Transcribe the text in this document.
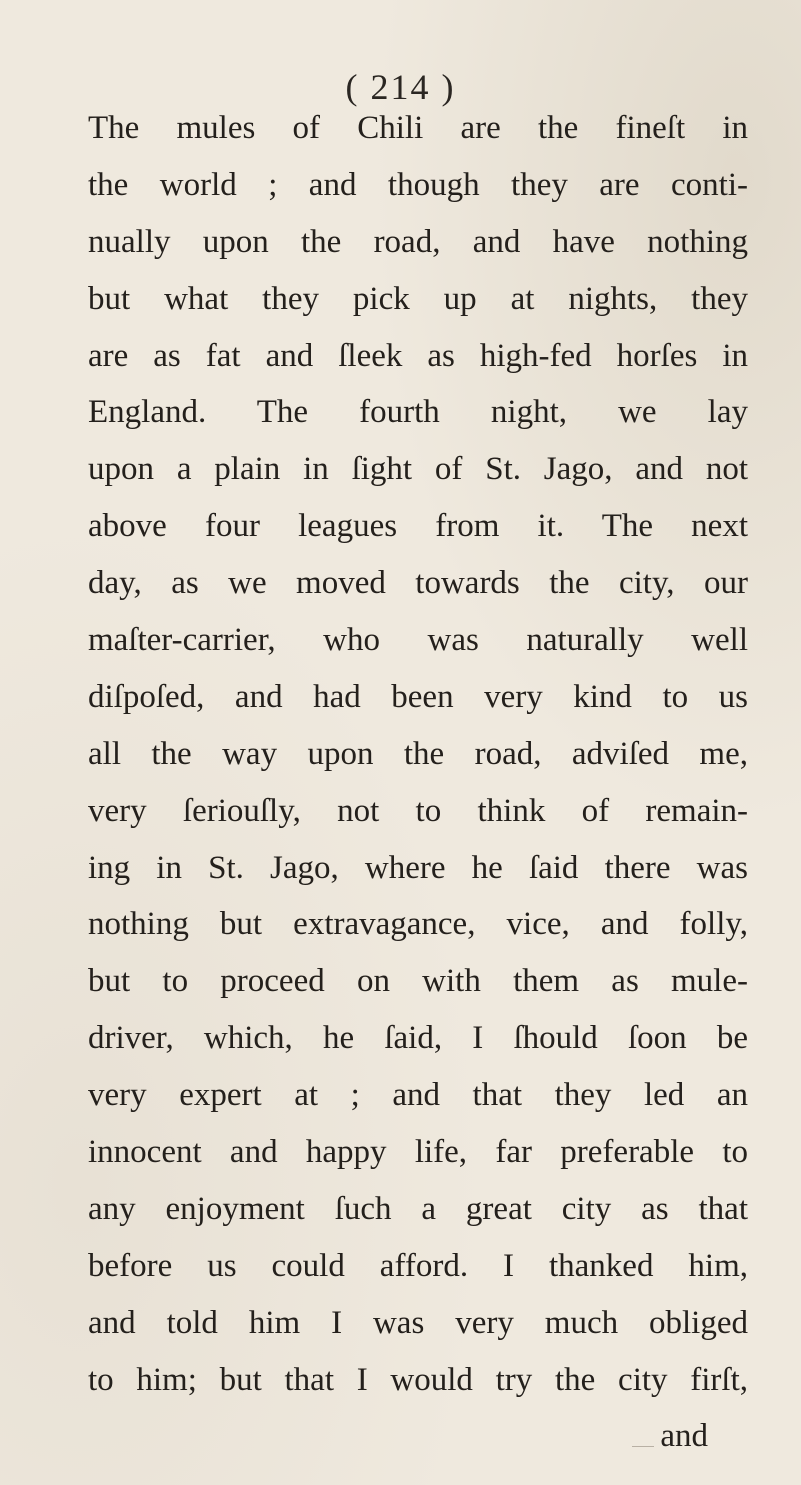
( 214 )
The mules of Chili are the fineſt in
the world ; and though they are conti-
nually upon the road, and have nothing
but what they pick up at nights, they
are as fat and ſleek as high-fed horſes in
England. The fourth night, we lay
upon a plain in ſight of St. Jago, and not
above four leagues from it. The next
day, as we moved towards the city, our
maſter-carrier, who was naturally well
diſpoſed, and had been very kind to us
all the way upon the road, adviſed me,
very ſeriouſly, not to think of remain-
ing in St. Jago, where he ſaid there was
nothing but extravagance, vice, and folly,
but to proceed on with them as mule-
driver, which, he ſaid, I ſhould ſoon be
very expert at ; and that they led an
innocent and happy life, far preferable to
any enjoyment ſuch a great city as that
before us could afford. I thanked him,
and told him I was very much obliged
to him; but that I would try the city firſt,
and
